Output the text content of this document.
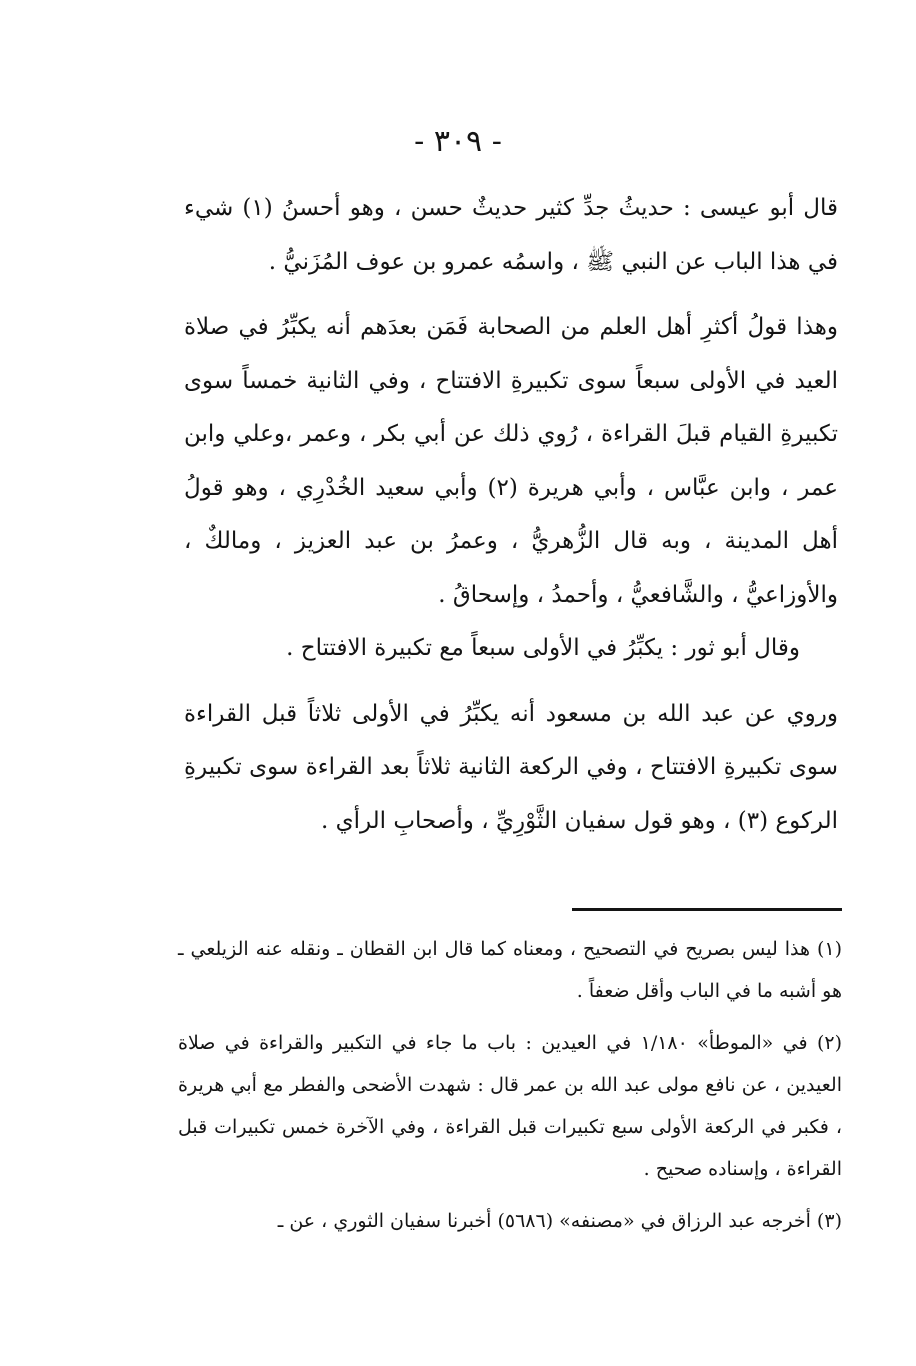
- ٣٠٩ -

قال أبو عيسى : حديثُ جدِّ كثير حديثٌ حسن ، وهو أحسنُ (١) شيء في هذا الباب عن النبي ﷺ ، واسمُه عمرو بن عوف المُزَنيُّ .

وهذا قولُ أكثرِ أهل العلم من الصحابة فَمَن بعدَهم أنه يكبِّرُ في صلاة العيد في الأولى سبعاً سوى تكبيرةِ الافتتاح ، وفي الثانية خمساً سوى تكبيرةِ القيام قبلَ القراءة ، رُوي ذلك عن أبي بكر ، وعمر ،وعلي وابن عمر ، وابن عبَّاس ، وأبي هريرة (٢) وأبي سعيد الخُدْرِي ، وهو قولُ أهل المدينة ، وبه قال الزُّهريُّ ، وعمرُ بن عبد العزيز ، ومالكٌ ، والأوزاعيُّ ، والشَّافعيُّ ، وأحمدُ ، وإسحاقُ .

وقال أبو ثور : يكبِّرُ في الأولى سبعاً مع تكبيرة الافتتاح .

وروي عن عبد الله بن مسعود أنه يكبِّرُ في الأولى ثلاثاً قبل القراءة سوى تكبيرةِ الافتتاح ، وفي الركعة الثانية ثلاثاً بعد القراءة سوى تكبيرةِ الركوع (٣) ، وهو قول سفيان الثَّوْرِيِّ ، وأصحابِ الرأي .

(١) هذا ليس بصريح في التصحيح ، ومعناه كما قال ابن القطان ـ ونقله عنه الزيلعي ـ هو أشبه ما في الباب وأقل ضعفاً .

(٢) في «الموطأ» ١/١٨٠ في العيدين : باب ما جاء في التكبير والقراءة في صلاة العيدين ، عن نافع مولى عبد الله بن عمر قال : شهدت الأضحى والفطر مع أبي هريرة ، فكبر في الركعة الأولى سبع تكبيرات قبل القراءة ، وفي الآخرة خمس تكبيرات قبل القراءة ، وإسناده صحيح .

(٣) أخرجه عبد الرزاق في «مصنفه» (٥٦٨٦) أخبرنا سفيان الثوري ، عن ـ
